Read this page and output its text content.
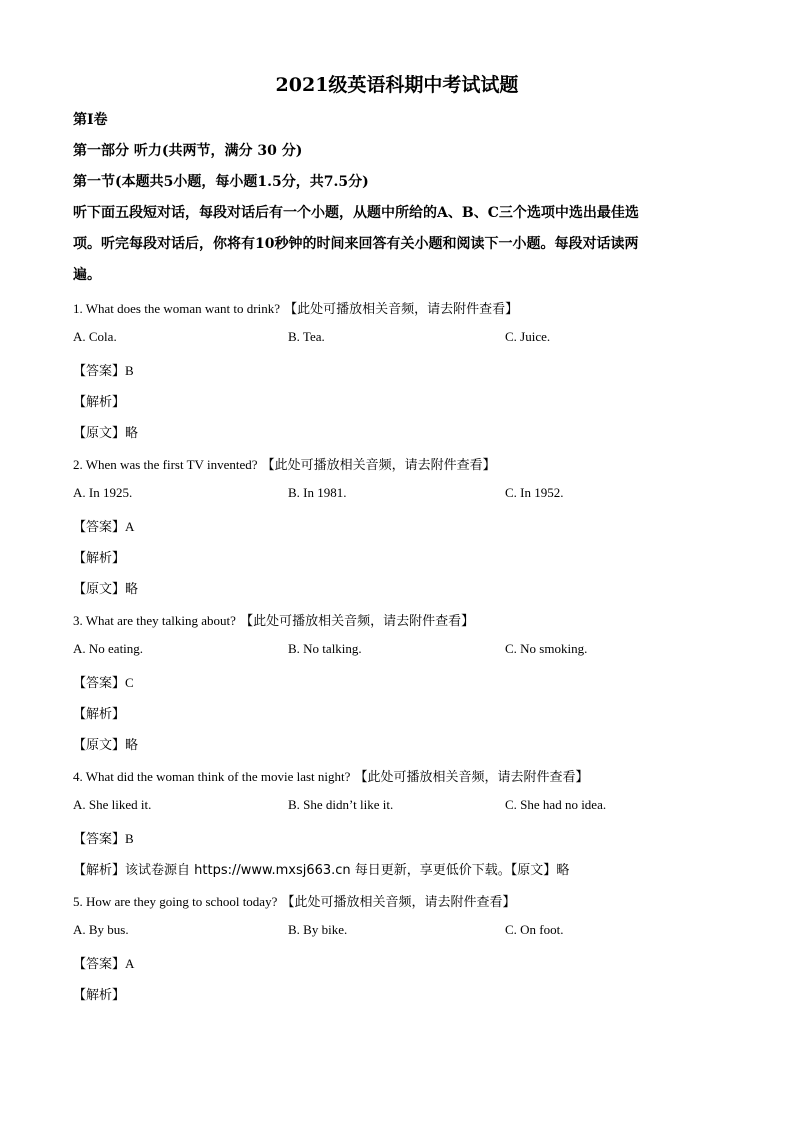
2021级英语科期中考试试题
第I卷
第一部分 听力(共两节，满分 30 分)
第一节(本题共5小题，每小题1.5分，共7.5分)
听下面五段短对话，每段对话后有一个小题，从题中所给的A、B、C三个选项中选出最佳选
项。听完每段对话后，你将有10秒钟的时间来回答有关小题和阅读下一小题。每段对话读两
遍。
1. What does the woman want to drink? 【此处可播放相关音频，请去附件查看】
A. Cola.	B. Tea.	C. Juice.
【答案】B
【解析】
【原文】略
2. When was the first TV invented? 【此处可播放相关音频，请去附件查看】
A. In 1925.	B. In 1981.	C. In 1952.
【答案】A
【解析】
【原文】略
3. What are they talking about? 【此处可播放相关音频，请去附件查看】
A. No eating.	B. No talking.	C. No smoking.
【答案】C
【解析】
【原文】略
4. What did the woman think of the movie last night? 【此处可播放相关音频，请去附件查看】
A. She liked it.	B. She didn’t like it.	C. She had no idea.
【答案】B
【解析】该试卷源自 https://www.mxsj663.cn 每日更新，享更低价下载。【原文】略
5. How are they going to school today? 【此处可播放相关音频，请去附件查看】
A. By bus.	B. By bike.	C. On foot.
【答案】A
【解析】
